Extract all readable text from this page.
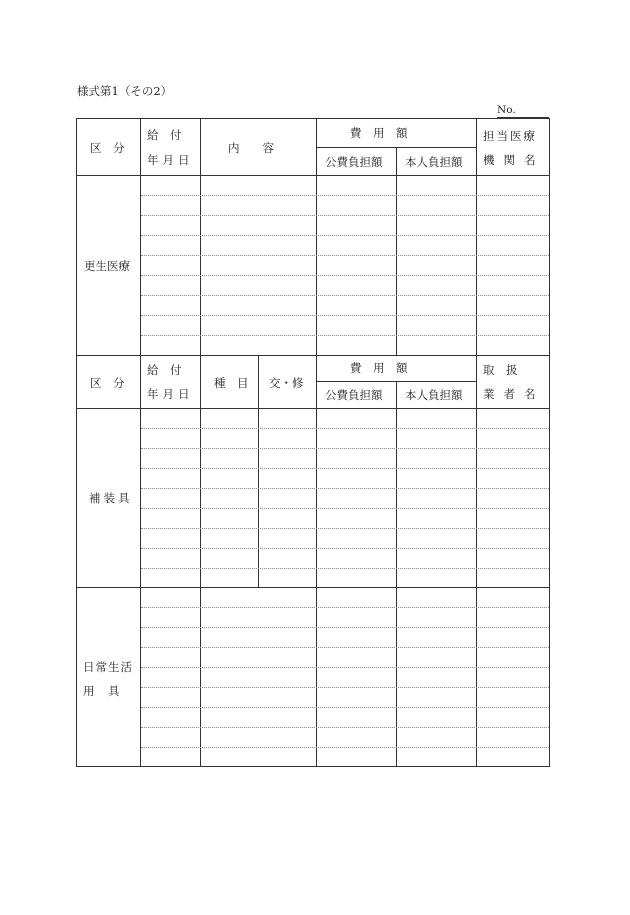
様式第1（その2）
No.
区　分
給　付
年月日
内　　容
費　用　額
公費負担額 本人負担額
担当医療
機関名
更生医療
区　分
給　付
年月日
種　目 交・修
費　用　額
公費負担額 本人負担額
取　扱
業者名
補装具
日常生活
用　具
